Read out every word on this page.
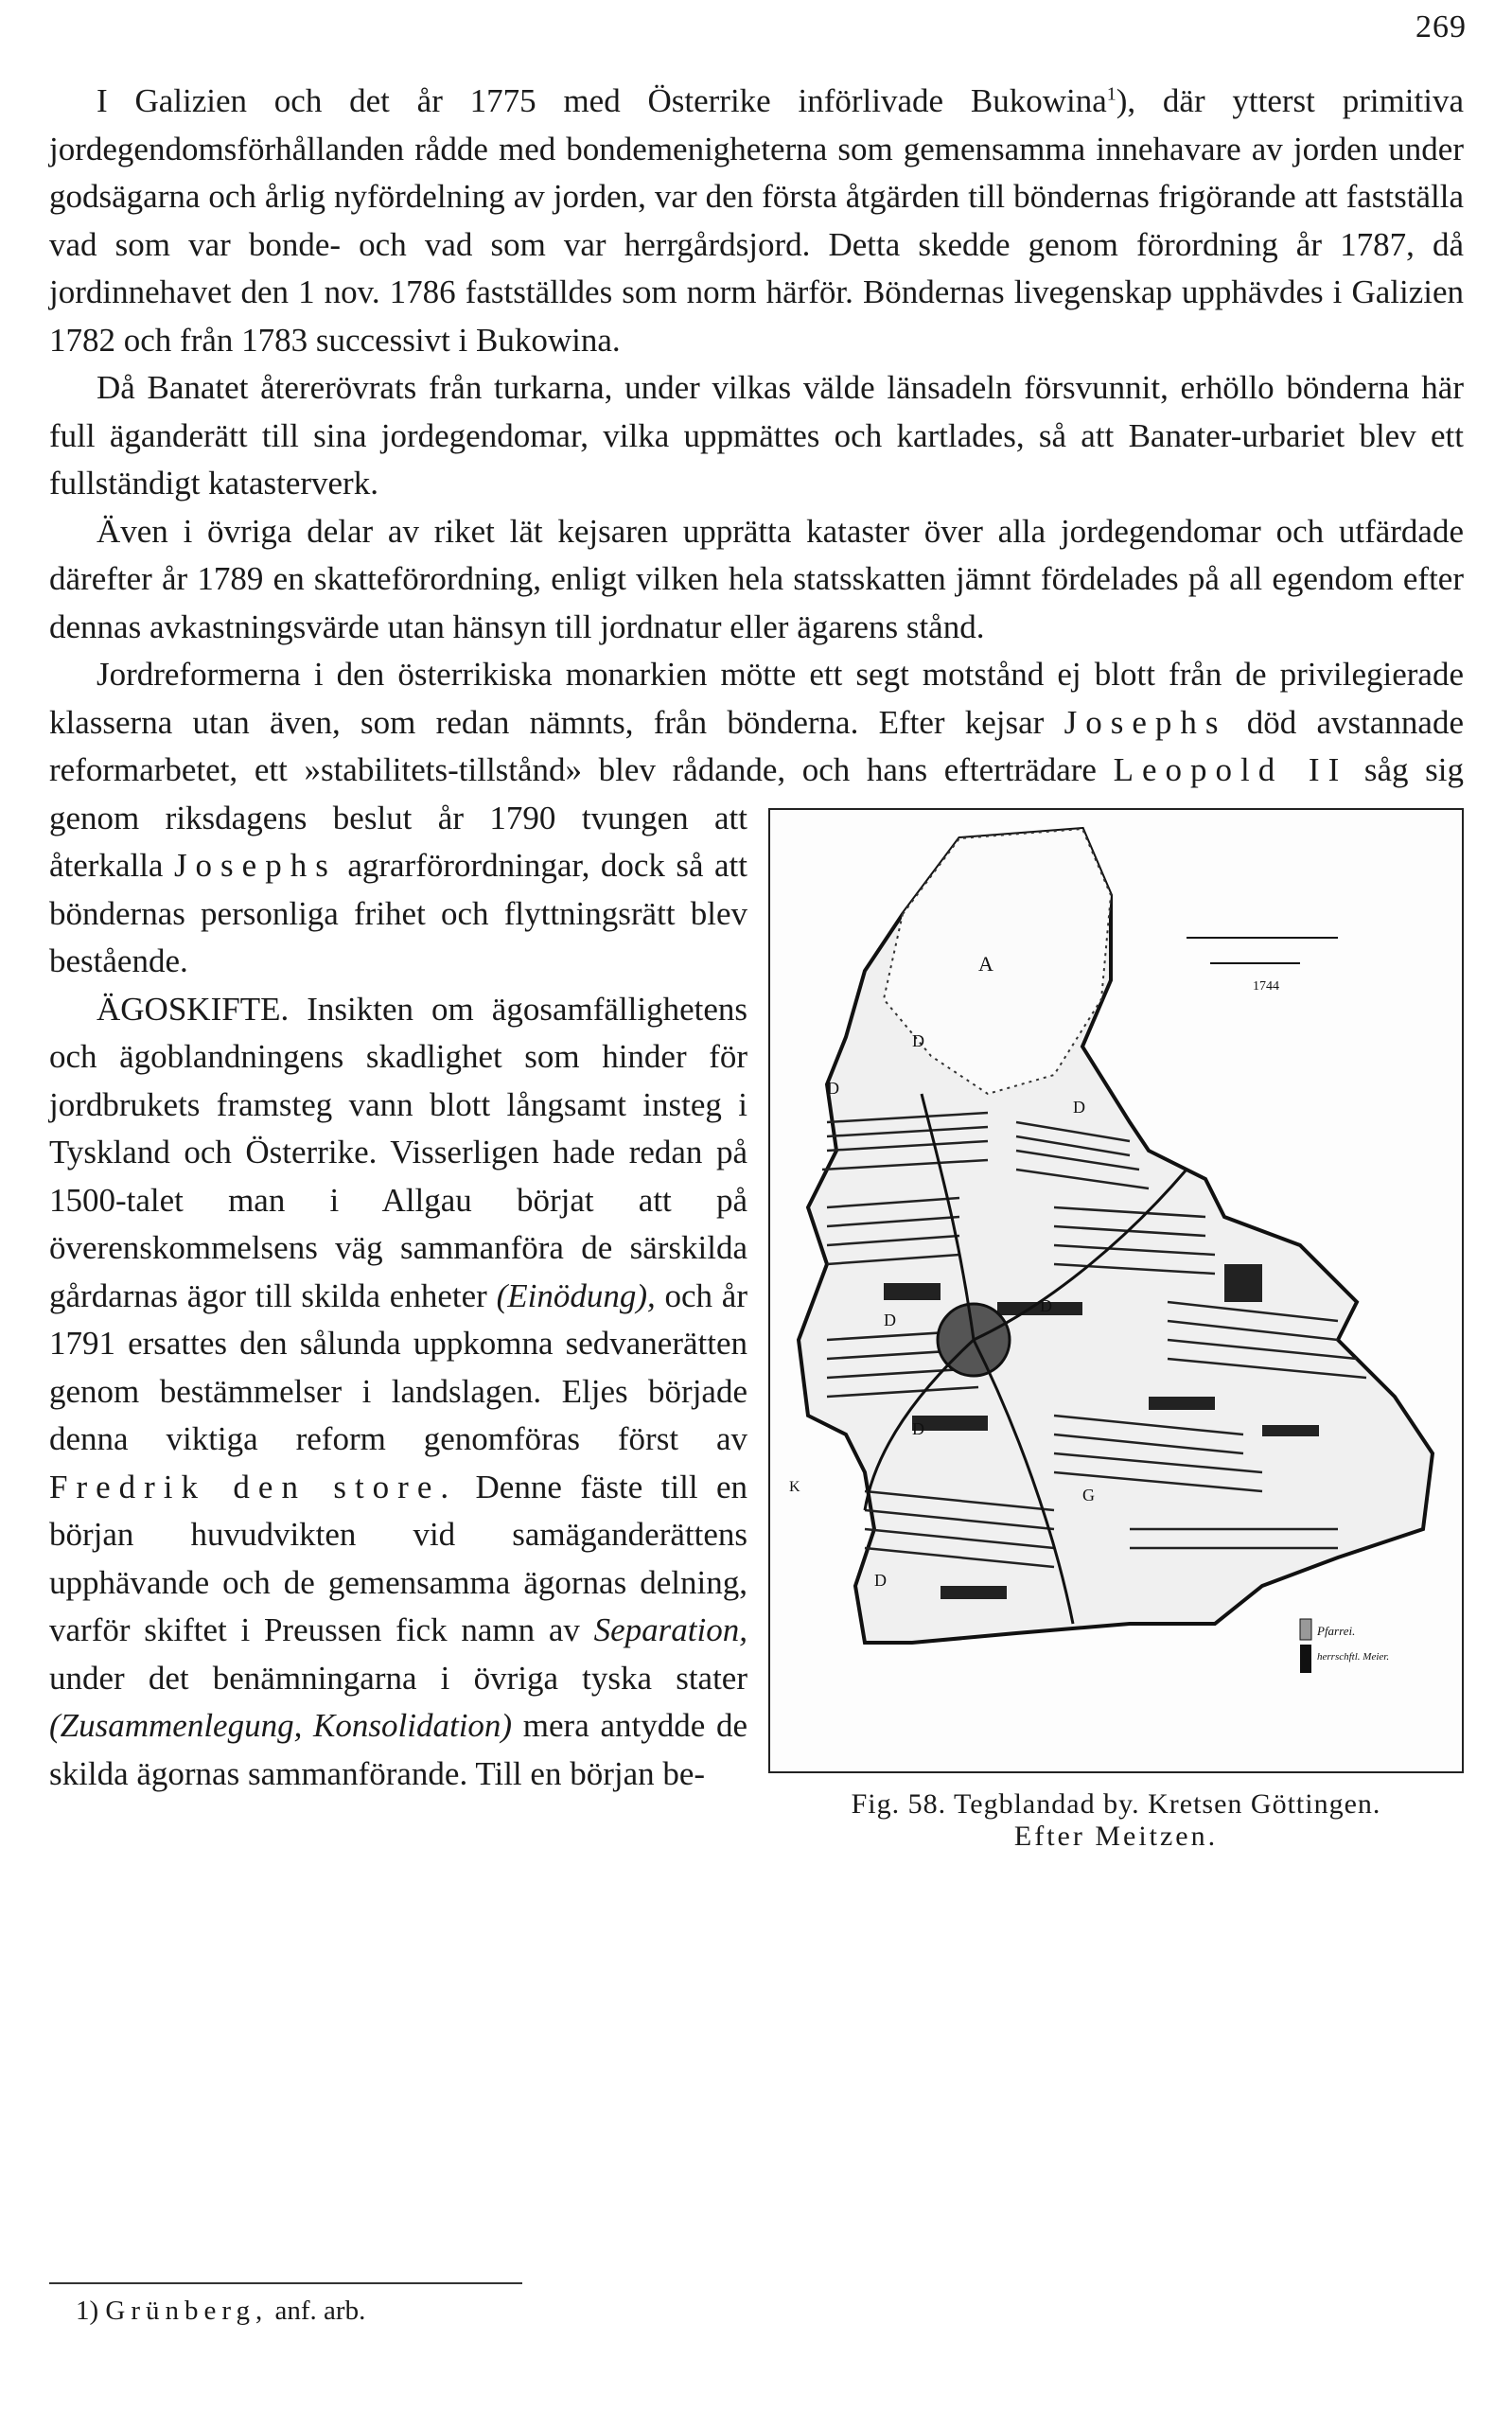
269

I Galizien och det år 1775 med Österrike införlivade Bukowina$^1$), där ytterst primitiva jordegendomsförhållanden rådde med bondemenigheterna som gemensamma innehavare av jorden under godsägarna och årlig nyfördelning av jorden, var den första åtgärden till böndernas frigörande att fastställa vad som var bonde- och vad som var herrgårdsjord. Detta skedde genom förordning år 1787, då jordinnehavet den 1 nov. 1786 fastställdes som norm härför. Böndernas livegenskap upphävdes i Galizien 1782 och från 1783 successivt i Bukowina.

Då Banatet återerövrats från turkarna, under vilkas välde länsadeln försvunnit, erhöllo bönderna här full äganderätt till sina jordegendomar, vilka uppmättes och kartlades, så att Banater-urbariet blev ett fullständigt katasterverk.

Även i övriga delar av riket lät kejsaren upprätta kataster över alla jordegendomar och utfärdade därefter år 1789 en skatteförordning, enligt vilken hela statsskatten jämnt fördelades på all egendom efter dennas avkastningsvärde utan hänsyn till jordnatur eller ägarens stånd.

Jordreformerna i den österrikiska monarkien mötte ett segt motstånd ej blott från de privilegierade klasserna utan även, som redan nämnts, från bönderna. Efter kejsar Josephs död avstannade reformarbetet, ett »stabilitets-tillstånd» blev rådande, och hans efterträdare
A
D
D
D
D
D
D
D
G
K
1744
Pfarrei.
herrschftl. Meier.
Fig. 58. Tegblandad by. Kretsen Göttingen.
Efter Meitzen.
Leopold II såg sig genom riksdagens beslut år 1790 tvungen att återkalla Josephs agrarförordningar, dock så att böndernas personliga frihet och flyttningsrätt blev bestående.

ÄGOSKIFTE. Insikten om ägosamfällighetens och ägoblandningens skadlighet som hinder för jordbrukets framsteg vann blott långsamt insteg i Tyskland och Österrike. Visserligen hade redan på 1500-talet man i Allgau börjat att på överenskommelsens väg sammanföra de särskilda gårdarnas ägor till skilda enheter (Einödung), och år 1791 ersattes den sålunda uppkomna sedvanerätten genom bestämmelser i landslagen. Eljes började denna viktiga reform genomföras först av Fredrik den store. Denne fäste till en början huvudvikten vid samäganderättens upphävande och de gemensamma ägornas delning, varför skiftet i Preussen fick namn av Separation, under det benämningarna i övriga tyska stater (Zusammenlegung, Konsolidation) mera antydde de skilda ägornas sammanförande. Till en början be-

1) Grünberg, anf. arb.
